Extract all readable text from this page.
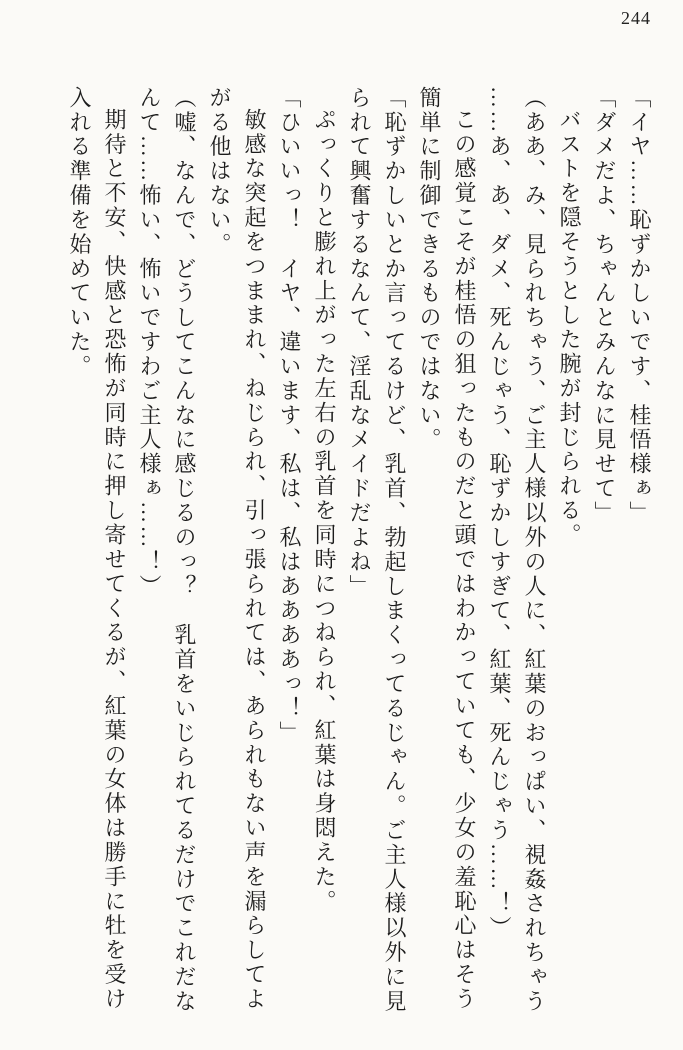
244

「イヤ……恥ずかしいです、桂悟様ぁ」

「ダメだよ、ちゃんとみんなに見せて」

バストを隠そうとした腕が封じられる。

（ああ、み、見られちゃう、ご主人様以外の人に、紅葉のおっぱい、視姦されちゃう

……あ、あ、ダメ、死んじゃう、恥ずかしすぎて、紅葉、死んじゃう……！）

この感覚こそが桂悟の狙ったものだと頭ではわかっていても、少女の羞恥心はそう

簡単に制御できるものではない。

「恥ずかしいとか言ってるけど、乳首、勃起しまくってるじゃん。ご主人様以外に見

られて興奮するなんて、淫乱なメイドだよね」

ぷっくりと膨れ上がった左右の乳首を同時につねられ、紅葉は身悶えた。

「ひいいっ！　イヤ、違います、私は、私はああああっ！」

敏感な突起をつままれ、ねじられ、引っ張られては、あられもない声を漏らしてよ

がる他はない。

（嘘、なんで、どうしてこんなに感じるのっ？　乳首をいじられてるだけでこれだな

んて……怖い、怖いですわご主人様ぁ……！）

期待と不安、快感と恐怖が同時に押し寄せてくるが、紅葉の女体は勝手に牡を受け

入れる準備を始めていた。
